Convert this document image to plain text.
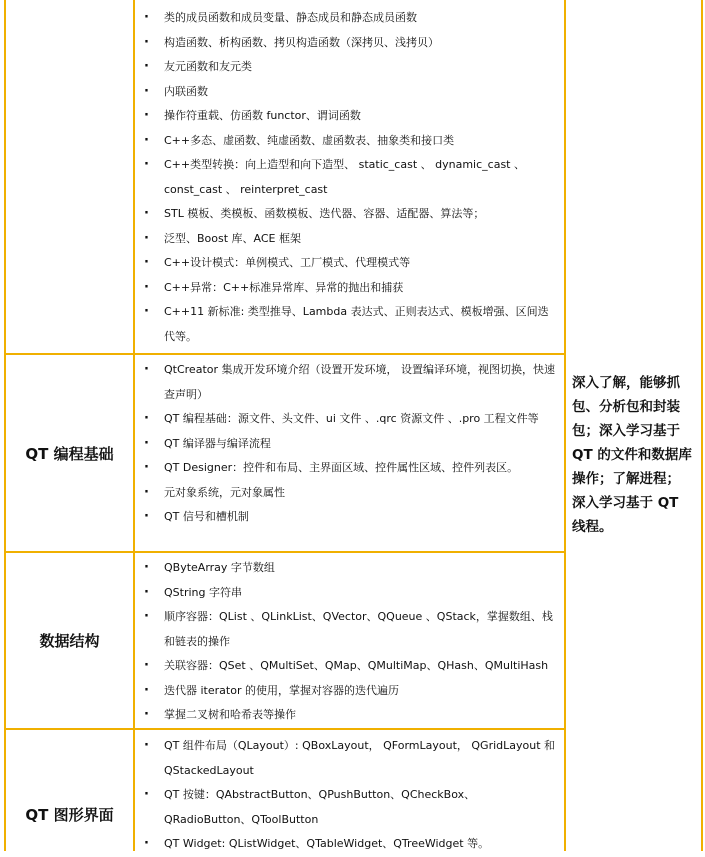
· 类的成员函数和成员变量、静态成员和静态成员函数
· 构造函数、析构函数、拷贝构造函数（深拷贝、浅拷贝）
· 友元函数和友元类
· 内联函数
· 操作符重载、仿函数 functor、谓词函数
· C++多态、虚函数、纯虚函数、虚函数表、抽象类和接口类
· C++类型转换：向上造型和向下造型、 static_cast 、 dynamic_cast 、const_cast 、 reinterpret_cast
· STL 模板、类模板、函数模板、迭代器、容器、适配器、算法等；
· 泛型、Boost 库、ACE 框架
· C++设计模式：单例模式、工厂模式、代理模式等
· C++异常：C++标准异常库、异常的抛出和捕获
· C++11 新标准: 类型推导、Lambda 表达式、正则表达式、模板增强、区间迭代等。
QT 编程基础
· QtCreator 集成开发环境介绍（设置开发环境， 设置编译环境，视图切换，快速查声明）
· QT 编程基础：源文件、头文件、ui 文件 、.qrc 资源文件 、.pro 工程文件等
· QT 编译器与编译流程
· QT Designer：控件和布局、主界面区域、控件属性区域、控件列表区。
· 元对象系统，元对象属性
· QT 信号和槽机制
数据结构
· QByteArray 字节数组
· QString 字符串
· 顺序容器：QList 、QLinkList、QVector、QQueue 、QStack，掌握数组、栈和链表的操作
· 关联容器：QSet 、QMultiSet、QMap、QMultiMap、QHash、QMultiHash
· 迭代器 iterator 的使用，掌握对容器的迭代遍历
· 掌握二叉树和哈希表等操作
QT 图形界面
· QT 组件布局（QLayout）: QBoxLayout， QFormLayout， QGridLayout 和 QStackedLayout
· QT 按键：QAbstractButton、QPushButton、QCheckBox、QRadioButton、QToolButton
· QT Widget: QListWidget、QTableWidget、QTreeWidget 等。
深入了解，能够抓包、分析包和封装包；深入学习基于 QT 的文件和数据库操作；了解进程；深入学习基于 QT 线程。
